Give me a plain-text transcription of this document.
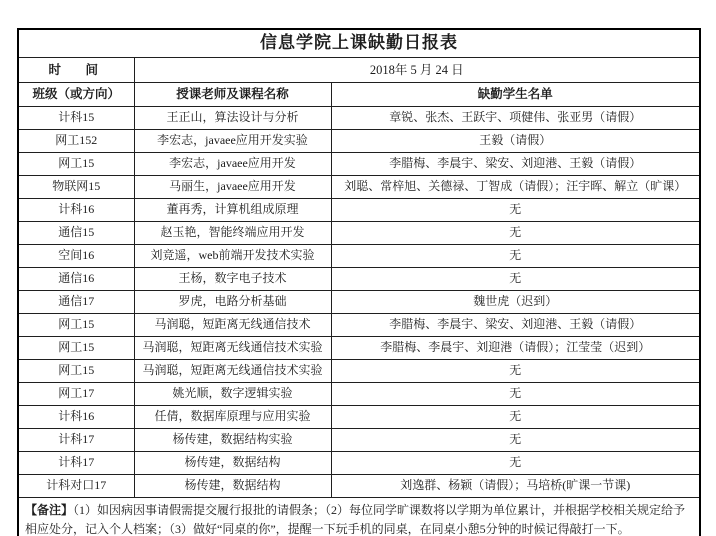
信息学院上课缺勤日报表		
时　间	2018年 5 月 24 日	
班级（或方向）	授课老师及课程名称	缺勤学生名单
计科15	王正山，算法设计与分析	章锐、张杰、王跃宇、项健伟、张亚男（请假）
网工152	李宏志，javaee应用开发实验	王毅（请假）
网工15	李宏志，javaee应用开发	李腊梅、李晨宇、梁安、刘迎港、王毅（请假）
物联网15	马丽生，javaee应用开发	刘聪、常梓旭、关德禄、丁智成（请假）；汪宇晖、解立（旷课）
计科16	董再秀，计算机组成原理	无
通信15	赵玉艳，智能终端应用开发	无
空间16	刘竞遥，web前端开发技术实验	无
通信16	王杨，数字电子技术	无
通信17	罗虎，电路分析基础	魏世虎（迟到）
网工15	马润聪，短距离无线通信技术	李腊梅、李晨宇、梁安、刘迎港、王毅（请假）
网工15	马润聪，短距离无线通信技术实验	李腊梅、李晨宇、刘迎港（请假）；江莹莹（迟到）
网工15	马润聪，短距离无线通信技术实验	无
网工17	姚光顺，数字逻辑实验	无
计科16	任倩，数据库原理与应用实验	无
计科17	杨传建，数据结构实验	无
计科17	杨传建，数据结构	无
计科对口17	杨传建，数据结构	刘逸群、杨颖（请假）；马培桥(旷课一节课)
【备注】（1）如因病因事请假需提交履行报批的请假条；（2）每位同学旷课数将以学期为单位累计，并根据学校相关规定给予相应处分，记入个人档案；（3）做好“同桌的你”，提醒一下玩手机的同桌，在同桌小憩5分钟的时候记得敲打一下。		
